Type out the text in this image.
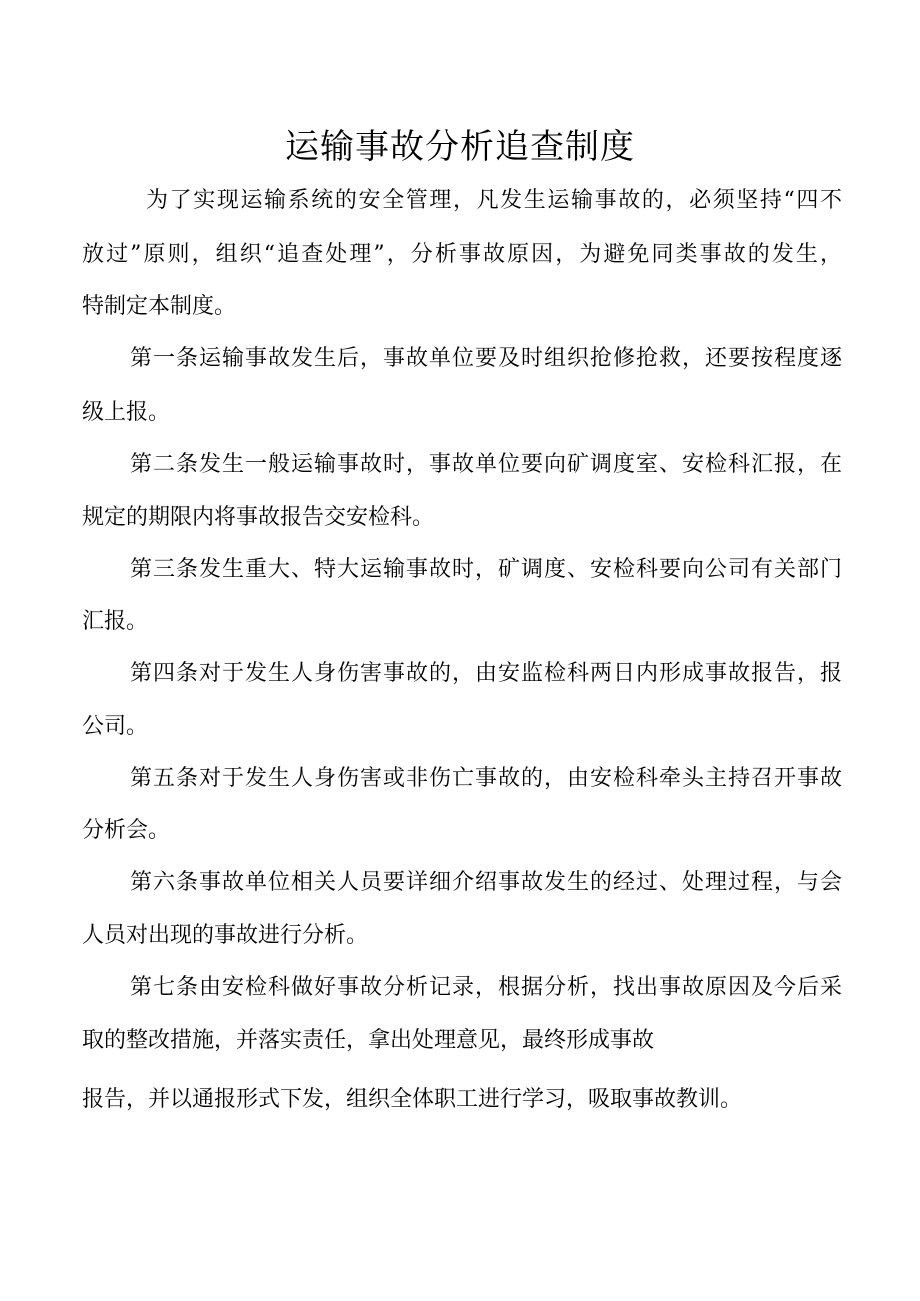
运输事故分析追查制度
为了实现运输系统的安全管理，凡发生运输事故的，必须坚持“四不
放过”原则，组织“追查处理”，分析事故原因，为避免同类事故的发生，
特制定本制度。
第一条运输事故发生后，事故单位要及时组织抢修抢救，还要按程度逐
级上报。
第二条发生一般运输事故时，事故单位要向矿调度室、安检科汇报，在
规定的期限内将事故报告交安检科。
第三条发生重大、特大运输事故时，矿调度、安检科要向公司有关部门
汇报。
第四条对于发生人身伤害事故的，由安监检科两日内形成事故报告，报
公司。
第五条对于发生人身伤害或非伤亡事故的，由安检科牵头主持召开事故
分析会。
第六条事故单位相关人员要详细介绍事故发生的经过、处理过程，与会
人员对出现的事故进行分析。
第七条由安检科做好事故分析记录，根据分析，找出事故原因及今后采
取的整改措施，并落实责任，拿出处理意见，最终形成事故
报告，并以通报形式下发，组织全体职工进行学习，吸取事故教训。
